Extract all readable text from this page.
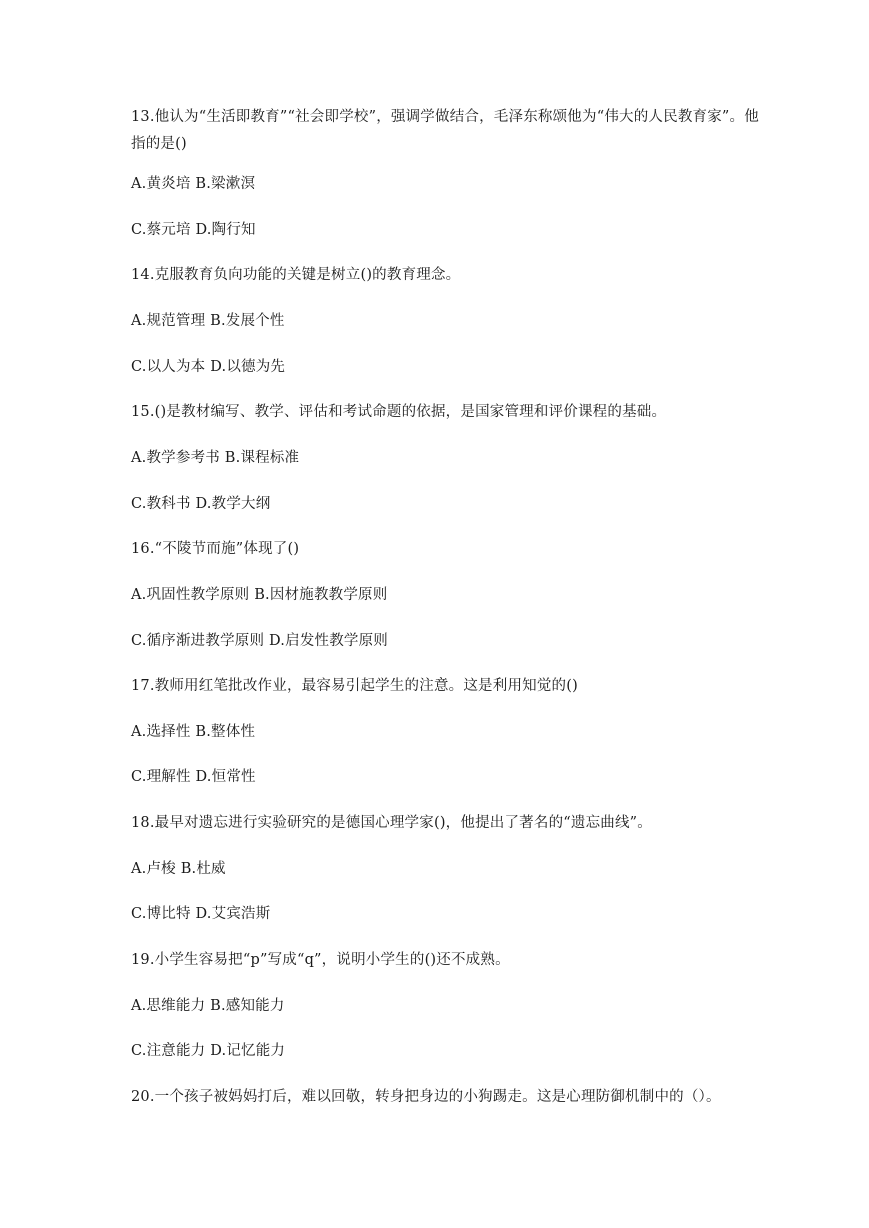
13.他认为“生活即教育”“社会即学校”，强调学做结合，毛泽东称颂他为“伟大的人民教育家”。他指的是()
A.黄炎培 B.梁漱溟
C.蔡元培 D.陶行知
14.克服教育负向功能的关键是树立()的教育理念。
A.规范管理 B.发展个性
C.以人为本 D.以德为先
15.()是教材编写、教学、评估和考试命题的依据，是国家管理和评价课程的基础。
A.教学参考书 B.课程标准
C.教科书 D.教学大纲
16.“不陵节而施”体现了()
A.巩固性教学原则 B.因材施教教学原则
C.循序渐进教学原则 D.启发性教学原则
17.教师用红笔批改作业，最容易引起学生的注意。这是利用知觉的()
A.选择性 B.整体性
C.理解性 D.恒常性
18.最早对遗忘进行实验研究的是德国心理学家()，他提出了著名的“遗忘曲线”。
A.卢梭 B.杜威
C.博比特 D.艾宾浩斯
19.小学生容易把“p”写成“q”，说明小学生的()还不成熟。
A.思维能力 B.感知能力
C.注意能力 D.记忆能力
20.一个孩子被妈妈打后，难以回敬，转身把身边的小狗踢走。这是心理防御机制中的（）。
